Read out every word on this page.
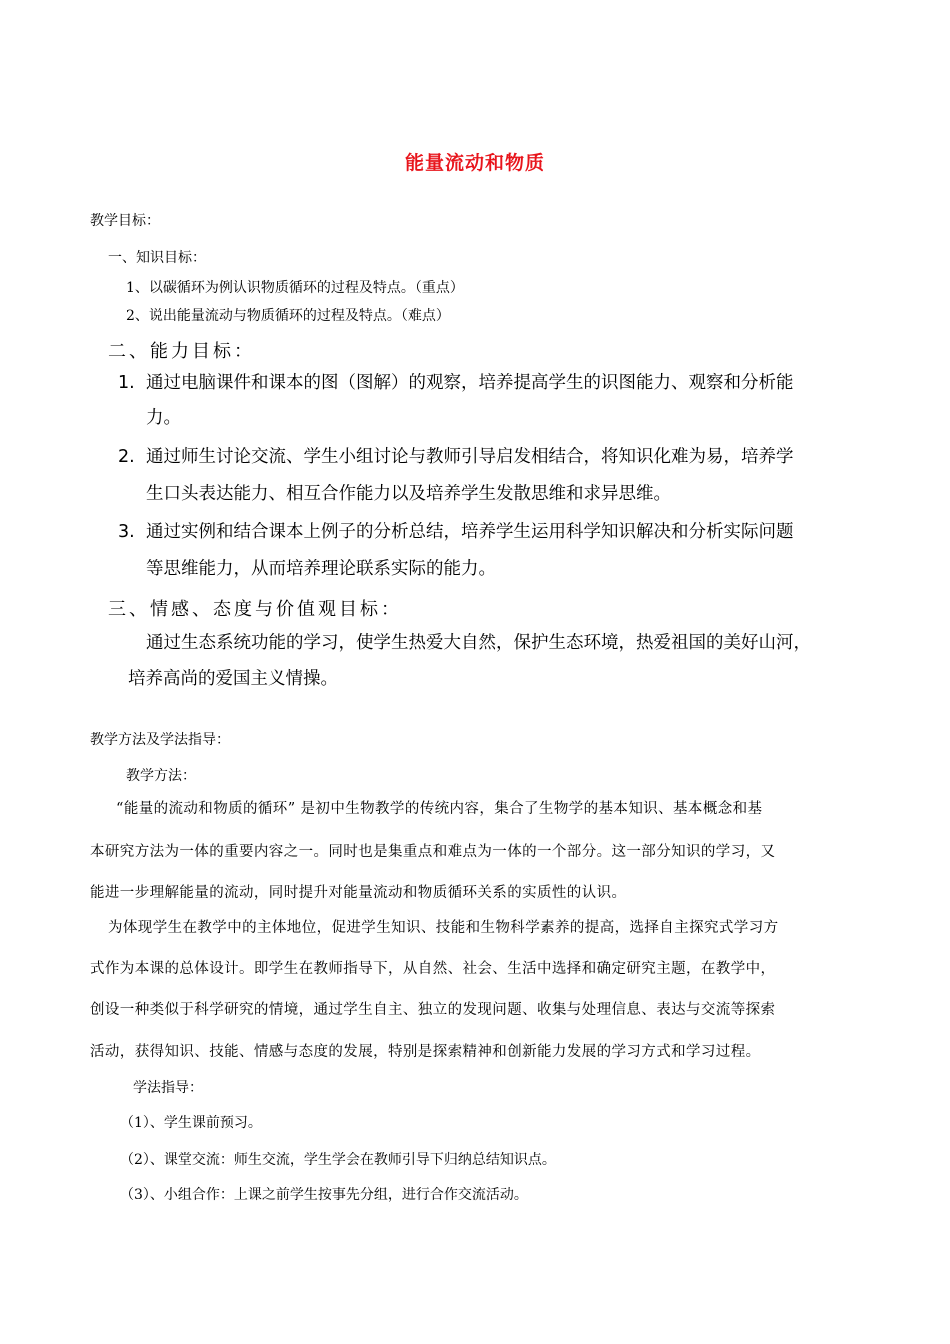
能量流动和物质
教学目标：
一、知识目标：
1、以碳循环为例认识物质循环的过程及特点。（重点）
2、说出能量流动与物质循环的过程及特点。（难点）
二、能力目标：
1. 通过电脑课件和课本的图（图解）的观察，培养提高学生的识图能力、观察和分析能
力。
2. 通过师生讨论交流、学生小组讨论与教师引导启发相结合，将知识化难为易，培养学
生口头表达能力、相互合作能力以及培养学生发散思维和求异思维。
3. 通过实例和结合课本上例子的分析总结，培养学生运用科学知识解决和分析实际问题
等思维能力，从而培养理论联系实际的能力。
三、情感、态度与价值观目标：
通过生态系统功能的学习，使学生热爱大自然，保护生态环境，热爱祖国的美好山河，
培养高尚的爱国主义情操。
教学方法及学法指导：
教学方法：
“能量的流动和物质的循环” 是初中生物教学的传统内容，集合了生物学的基本知识、基本概念和基
本研究方法为一体的重要内容之一。同时也是集重点和难点为一体的一个部分。这一部分知识的学习，又
能进一步理解能量的流动，同时提升对能量流动和物质循环关系的实质性的认识。
为体现学生在教学中的主体地位，促进学生知识、技能和生物科学素养的提高，选择自主探究式学习方
式作为本课的总体设计。即学生在教师指导下，从自然、社会、生活中选择和确定研究主题，在教学中，
创设一种类似于科学研究的情境，通过学生自主、独立的发现问题、收集与处理信息、表达与交流等探索
活动，获得知识、技能、情感与态度的发展，特别是探索精神和创新能力发展的学习方式和学习过程。
学法指导：
（1）、学生课前预习。
（2）、课堂交流：师生交流，学生学会在教师引导下归纳总结知识点。
（3）、小组合作：上课之前学生按事先分组，进行合作交流活动。
